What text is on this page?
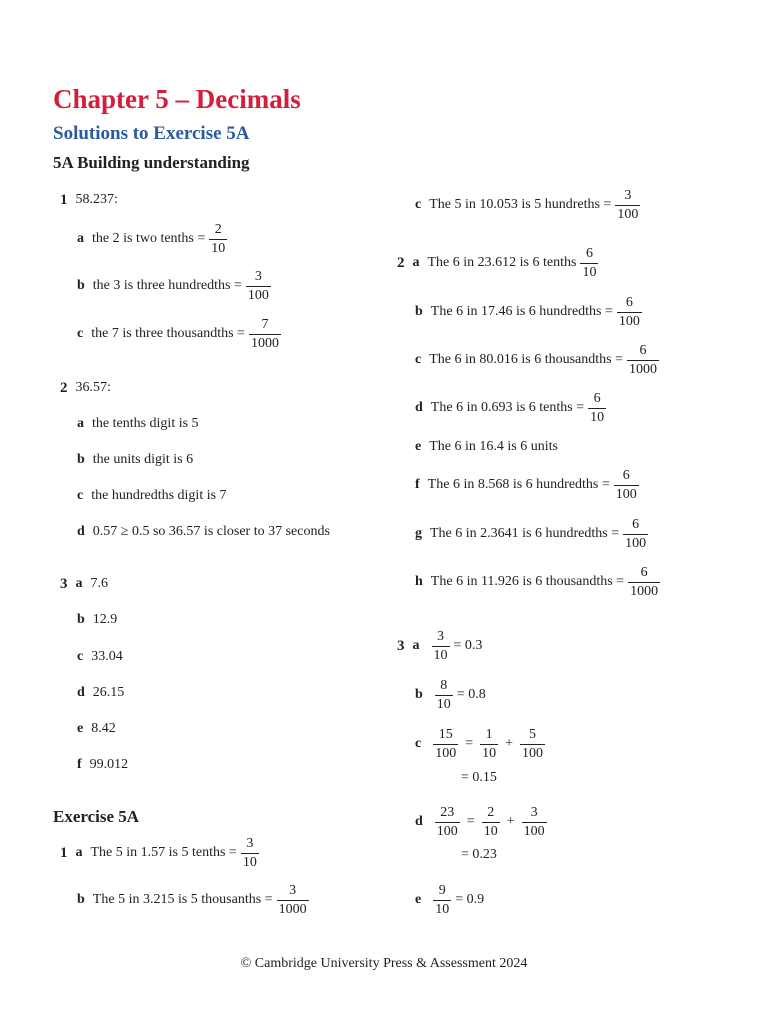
Chapter 5 – Decimals
Solutions to Exercise 5A
5A Building understanding
1 58.237:
a the 2 is two tenths = $\frac{2}{10}$
b the 3 is three hundredths = $\frac{3}{100}$
c the 7 is three thousandths = $\frac{7}{1000}$
2 36.57:
a the tenths digit is 5
b the units digit is 6
c the hundredths digit is 7
d 0.57 ≥ 0.5 so 36.57 is closer to 37 seconds
3 a 7.6
b 12.9
c 33.04
d 26.15
e 8.42
f 99.012
Exercise 5A
1 a The 5 in 1.57 is 5 tenths = $\frac{3}{10}$
b The 5 in 3.215 is 5 thousanths = $\frac{3}{1000}$
c The 5 in 10.053 is 5 hundreths = $\frac{3}{100}$
2 a The 6 in 23.612 is 6 tenths $\frac{6}{10}$
b The 6 in 17.46 is 6 hundredths = $\frac{6}{100}$
c The 6 in 80.016 is 6 thousandths = $\frac{6}{1000}$
d The 6 in 0.693 is 6 tenths = $\frac{6}{10}$
e The 6 in 16.4 is 6 units
f The 6 in 8.568 is 6 hundredths = $\frac{6}{100}$
g The 6 in 2.3641 is 6 hundredths = $\frac{6}{100}$
h The 6 in 11.926 is 6 thousandths = $\frac{6}{1000}$
3 a $\frac{3}{10} = 0.3$
b $\frac{8}{10} = 0.8$
c $\frac{15}{100} = \frac{1}{10} + \frac{5}{100}$
= 0.15
d $\frac{23}{100} = \frac{2}{10} + \frac{3}{100}$
= 0.23
e $\frac{9}{10} = 0.9$
© Cambridge University Press & Assessment 2024
